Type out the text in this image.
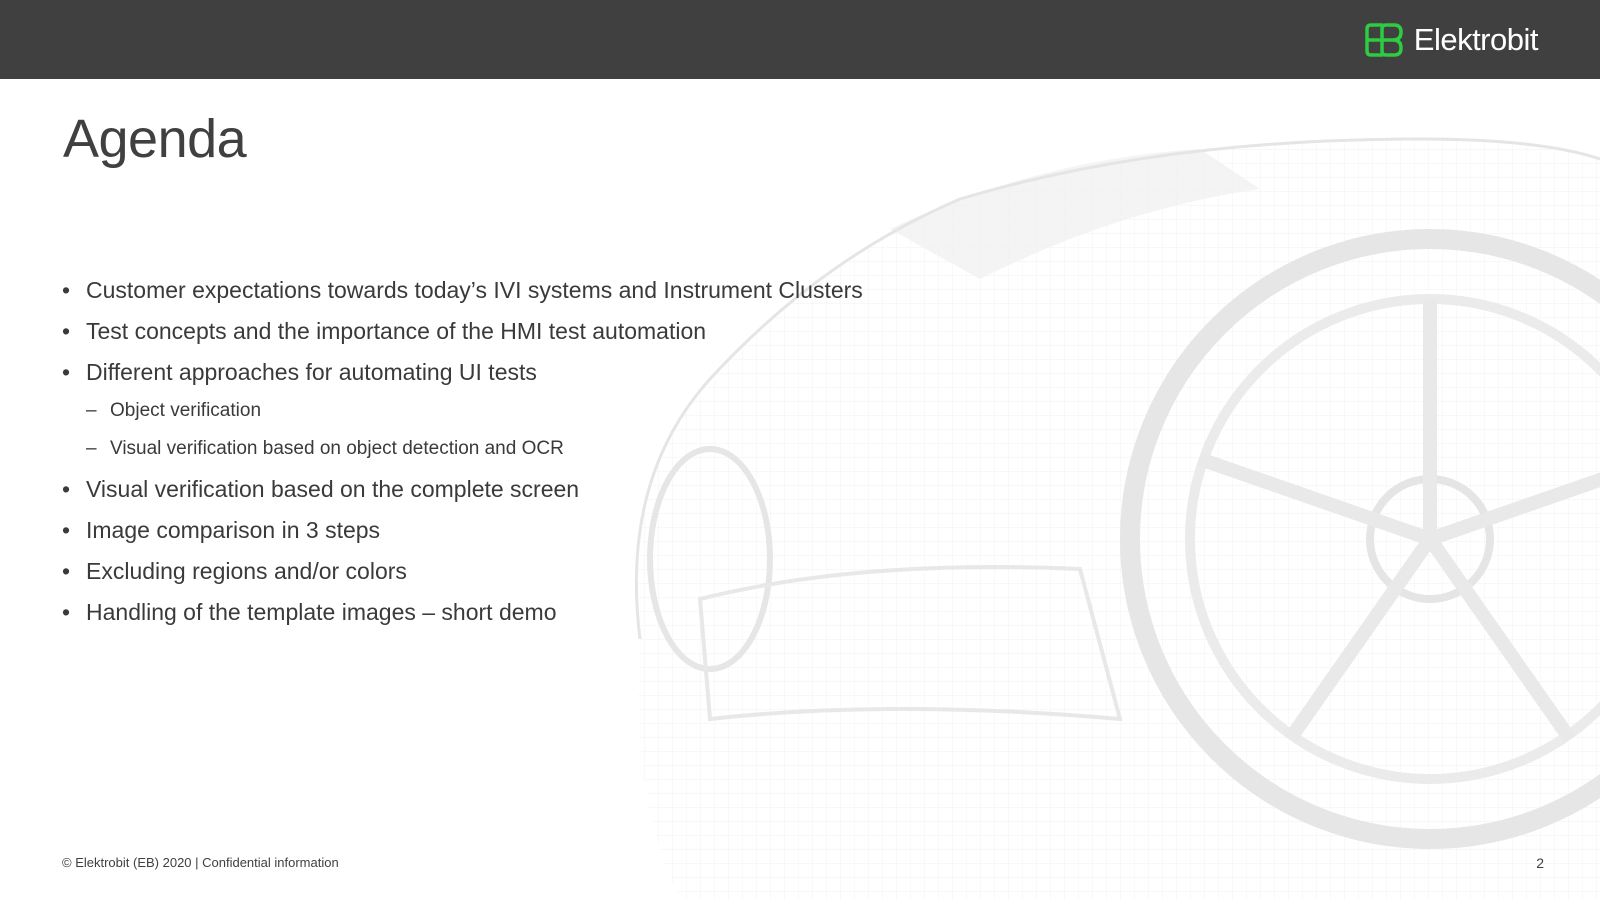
Elektrobit
Agenda
• Customer expectations towards today’s IVI systems and Instrument Clusters
• Test concepts and the importance of the HMI test automation
• Different approaches for automating UI tests
– Object verification
– Visual verification based on object detection and OCR
• Visual verification based on the complete screen
• Image comparison in 3 steps
• Excluding regions and/or colors
• Handling of the template images – short demo
© Elektrobit (EB) 2020 | Confidential information	2
